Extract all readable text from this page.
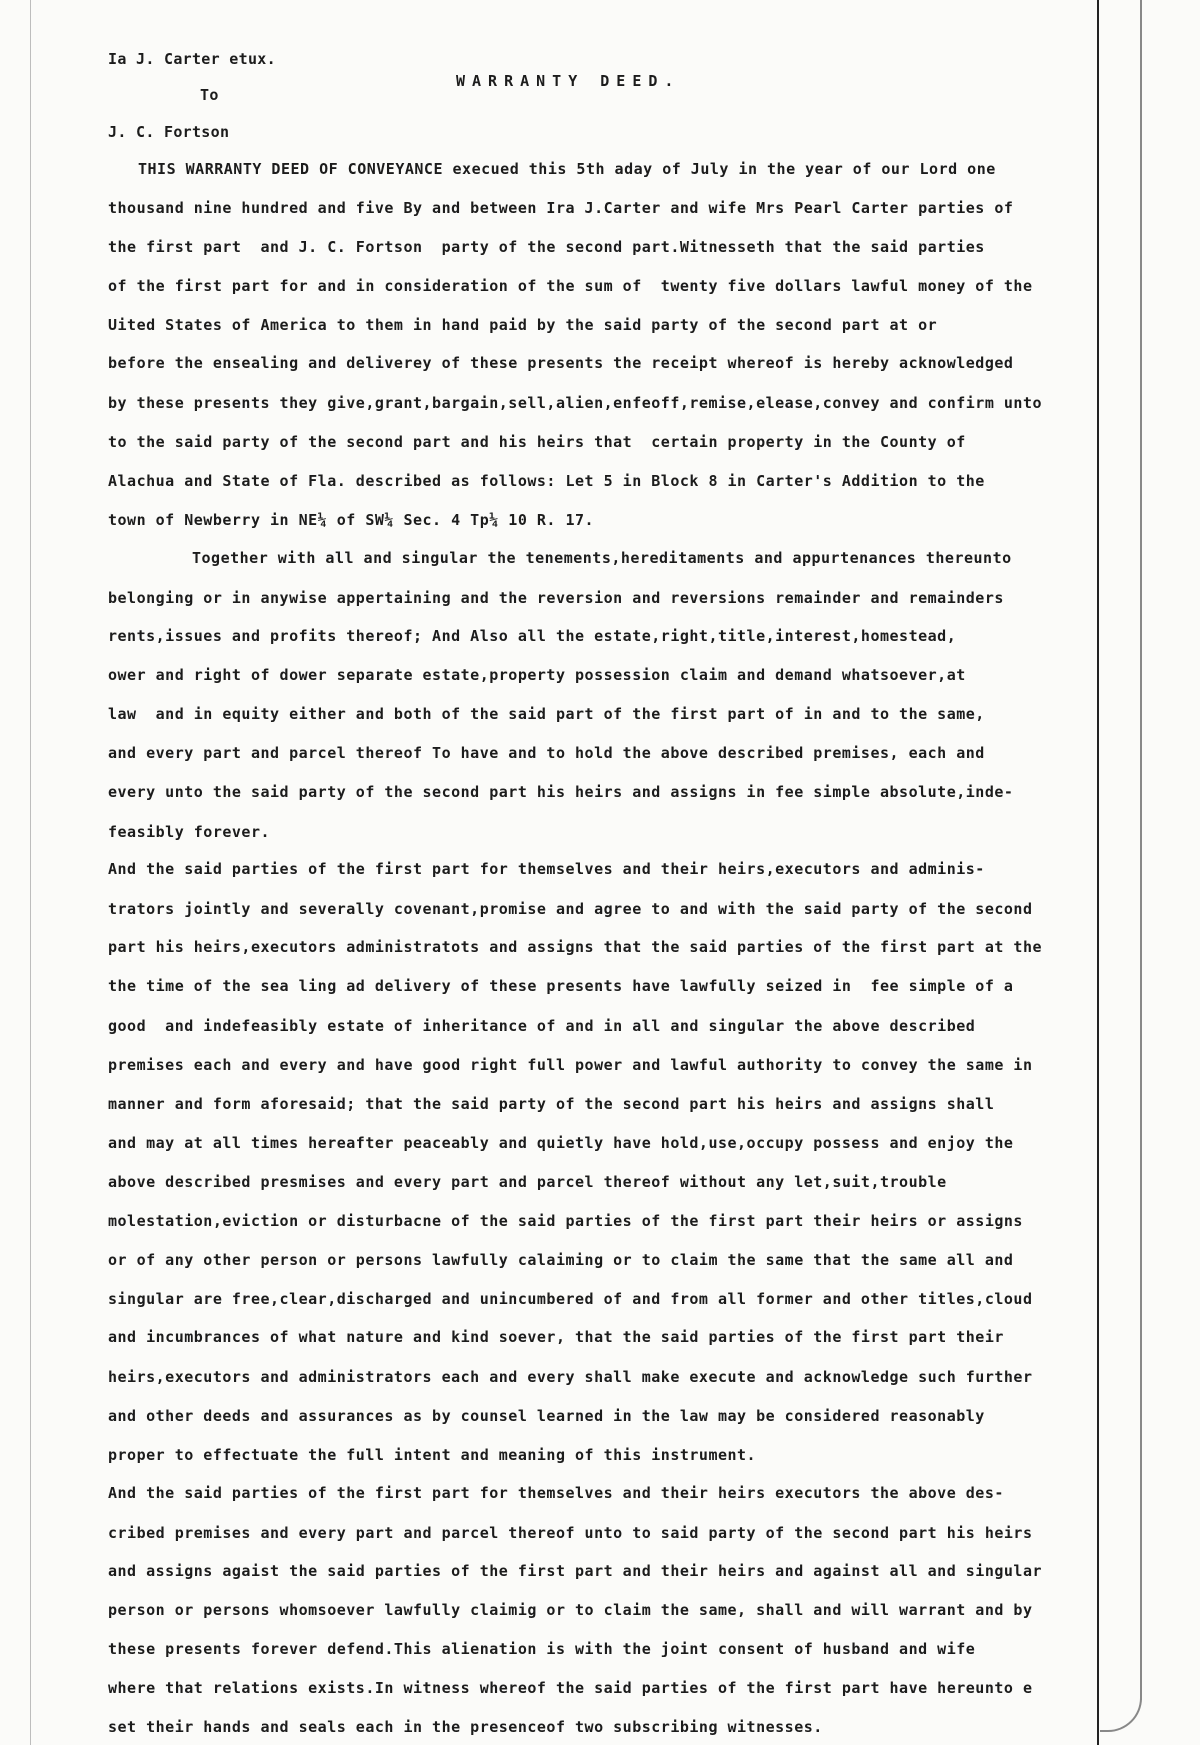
Ia J. Carter etux.
To
J. C. Fortson
WARRANTY DEED.
THIS WARRANTY DEED OF CONVEYANCE execued this 5th aday of July in the year of our Lord one
thousand nine hundred and five By and between Ira J.Carter and wife Mrs Pearl Carter parties of
the first part  and J. C. Fortson  party of the second part.Witnesseth that the said parties
of the first part for and in consideration of the sum of  twenty five dollars lawful money of the
Uited States of America to them in hand paid by the said party of the second part at or
before the ensealing and deliverey of these presents the receipt whereof is hereby acknowledged
by these presents they give,grant,bargain,sell,alien,enfeoff,remise,elease,convey and confirm unto
to the said party of the second part and his heirs that  certain property in the County of
Alachua and State of Fla. described as follows: Let 5 in Block 8 in Carter's Addition to the
town of Newberry in NE¼ of SW¼ Sec. 4 Tp¼ 10 R. 17.
Together with all and singular the tenements,hereditaments and appurtenances thereunto
belonging or in anywise appertaining and the reversion and reversions remainder and remainders
rents,issues and profits thereof; And Also all the estate,right,title,interest,homestead,
ower and right of dower separate estate,property possession claim and demand whatsoever,at
law  and in equity either and both of the said part of the first part of in and to the same,
and every part and parcel thereof To have and to hold the above described premises, each and
every unto the said party of the second part his heirs and assigns in fee simple absolute,inde-
feasibly forever.
And the said parties of the first part for themselves and their heirs,executors and adminis-
trators jointly and severally covenant,promise and agree to and with the said party of the second
part his heirs,executors administratots and assigns that the said parties of the first part at the
the time of the sea ling ad delivery of these presents have lawfully seized in  fee simple of a
good  and indefeasibly estate of inheritance of and in all and singular the above described
premises each and every and have good right full power and lawful authority to convey the same in
manner and form aforesaid; that the said party of the second part his heirs and assigns shall
and may at all times hereafter peaceably and quietly have hold,use,occupy possess and enjoy the
above described presmises and every part and parcel thereof without any let,suit,trouble
molestation,eviction or disturbacne of the said parties of the first part their heirs or assigns
or of any other person or persons lawfully calaiming or to claim the same that the same all and
singular are free,clear,discharged and unincumbered of and from all former and other titles,cloud
and incumbrances of what nature and kind soever, that the said parties of the first part their
heirs,executors and administrators each and every shall make execute and acknowledge such further
and other deeds and assurances as by counsel learned in the law may be considered reasonably
proper to effectuate the full intent and meaning of this instrument.
And the said parties of the first part for themselves and their heirs executors the above des-
cribed premises and every part and parcel thereof unto to said party of the second part his heirs
and assigns agaist the said parties of the first part and their heirs and against all and singular
person or persons whomsoever lawfully claimig or to claim the same, shall and will warrant and by
these presents forever defend.This alienation is with the joint consent of husband and wife
where that relations exists.In witness whereof the said parties of the first part have hereunto e
set their hands and seals each in the presenceof two subscribing witnesses.
